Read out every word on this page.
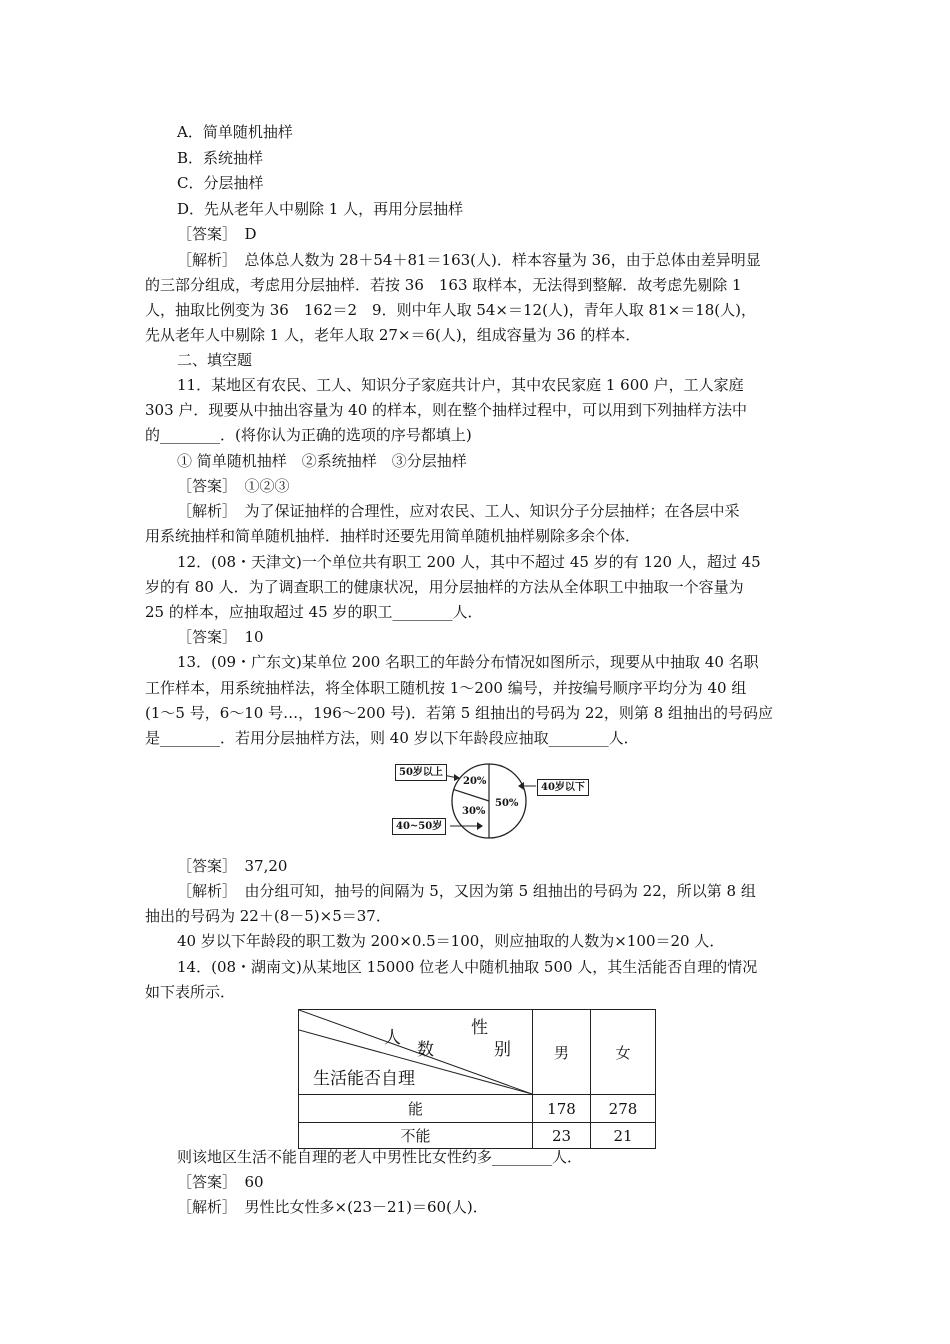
A．简单随机抽样
B．系统抽样
C．分层抽样
D．先从老年人中剔除 1 人，再用分层抽样
［答案］　D
［解析］　总体总人数为 28＋54＋81＝163(人)．样本容量为 36，由于总体由差异明显
的三部分组成，考虑用分层抽样．若按 36　163 取样本，无法得到整解．故考虑先剔除 1
人，抽取比例变为 36　162＝2　9．则中年人取 54×＝12(人)，青年人取 81×＝18(人)，
先从老年人中剔除 1 人，老年人取 27×＝6(人)，组成容量为 36 的样本．
二、填空题
11．某地区有农民、工人、知识分子家庭共计户，其中农民家庭 1 600 户，工人家庭
303 户．现要从中抽出容量为 40 的样本，则在整个抽样过程中，可以用到下列抽样方法中
的________．(将你认为正确的选项的序号都填上)
① 简单随机抽样　②系统抽样　③分层抽样
［答案］　①②③
［解析］　为了保证抽样的合理性，应对农民、工人、知识分子分层抽样；在各层中采
用系统抽样和简单随机抽样．抽样时还要先用简单随机抽样剔除多余个体．
12．(08・天津文)一个单位共有职工 200 人，其中不超过 45 岁的有 120 人，超过 45
岁的有 80 人．为了调查职工的健康状况，用分层抽样的方法从全体职工中抽取一个容量为
25 的样本，应抽取超过 45 岁的职工________人．
［答案］　10
13．(09・广东文)某单位 200 名职工的年龄分布情况如图所示，现要从中抽取 40 名职
工作样本，用系统抽样法，将全体职工随机按 1～200 编号，并按编号顺序平均分为 40 组
(1～5 号，6～10 号…，196～200 号)．若第 5 组抽出的号码为 22，则第 8 组抽出的号码应
是________．若用分层抽样方法，则 40 岁以下年龄段应抽取________人．
20%
30%
50%
50岁以上
40岁以下
40~50岁
［答案］　37,20
［解析］　由分组可知，抽号的间隔为 5，又因为第 5 组抽出的号码为 22，所以第 8 组
抽出的号码为 22＋(8－5)×5＝37．
40 岁以下年龄段的职工数为 200×0.5＝100，则应抽取的人数为×100＝20 人．
14．(08・湖南文)从某地区 15000 位老人中随机抽取 500 人，其生活能否自理的情况
如下表所示．
性
别
人
数
生活能否自理	男	女
能	178	278
不能	23	21
则该地区生活不能自理的老人中男性比女性约多________人．
［答案］　60
［解析］　男性比女性多×(23－21)＝60(人)．
